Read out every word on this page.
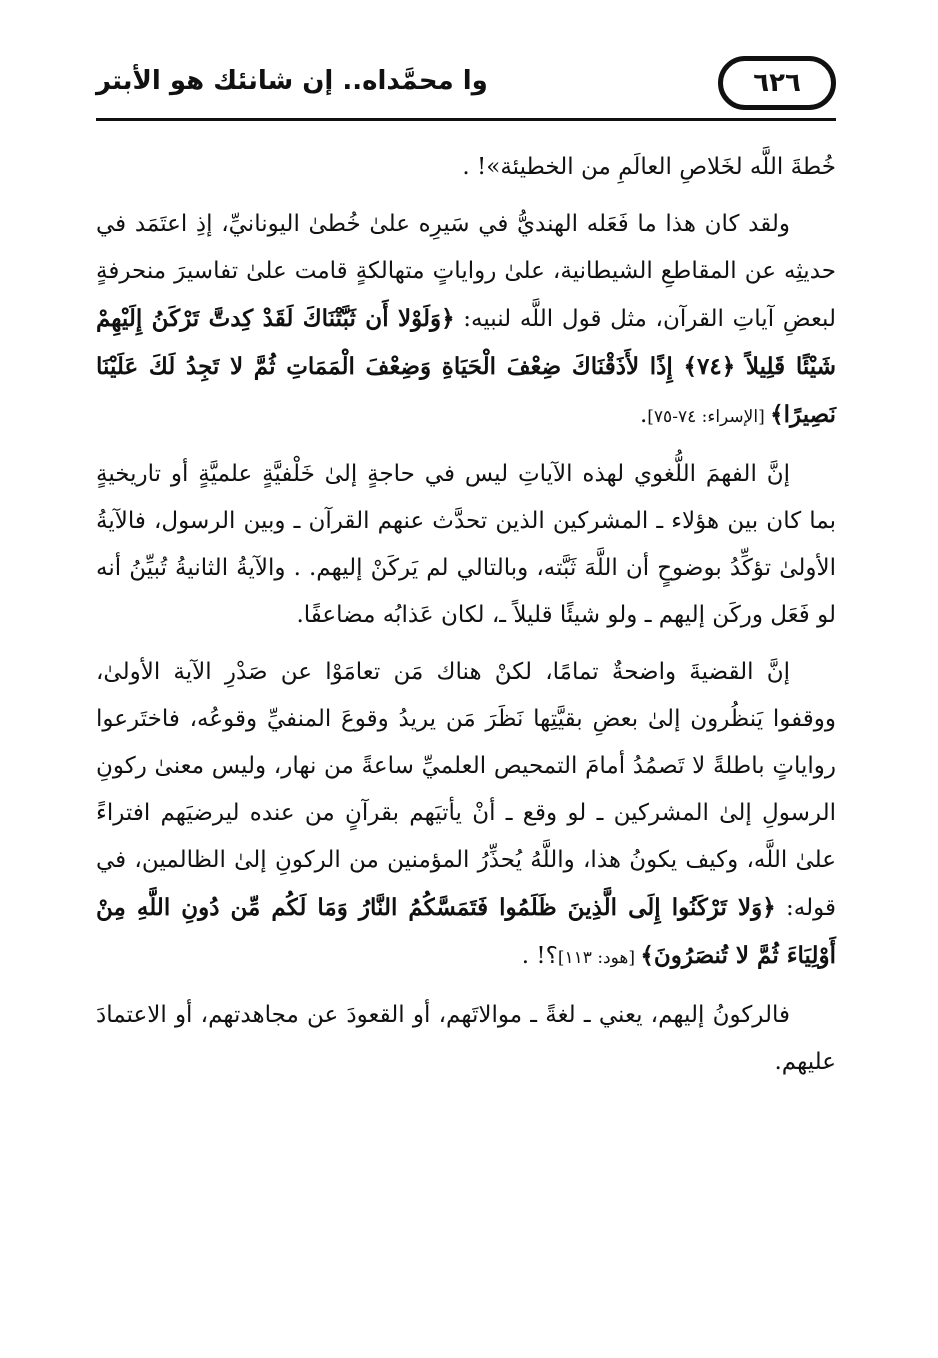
٦٢٦
وا محمَّداه.. إن شانئك هو الأبتر

خُطةَ اللَّه لخَلاصِ العالَمِ من الخطيئة»! .

ولقد كان هذا ما فَعَله الهنديُّ في سَيرِه علىٰ خُطىٰ اليونانيِّ، إذِ اعتَمَد في حديثِه عن المقاطعِ الشيطانية، علىٰ رواياتٍ متهالكةٍ قامت علىٰ تفاسيرَ منحرفةٍ لبعضِ آياتِ القرآن، مثل قول اللَّه لنبيه: ﴿وَلَوْلا أَن ثَبَّتْنَاكَ لَقَدْ كِدتَّ تَرْكَنُ إِلَيْهِمْ شَيْئًا قَلِيلاً ﴿٧٤﴾ إِذًا لأَذَقْنَاكَ ضِعْفَ الْحَيَاةِ وَضِعْفَ الْمَمَاتِ ثُمَّ لا تَجِدُ لَكَ عَلَيْنَا نَصِيرًا﴾ [الإسراء: ٧٤-٧٥].

إنَّ الفهمَ اللُّغوي لهذه الآياتِ ليس في حاجةٍ إلىٰ خَلْفيَّةٍ علميَّةٍ أو تاريخيةٍ بما كان بين هؤلاء ـ المشركين الذين تحدَّث عنهم القرآن ـ وبين الرسول، فالآيةُ الأولىٰ تؤكِّدُ بوضوحٍ أن اللَّهَ ثَبَّته، وبالتالي لم يَركَنْ إليهم. . والآيةُ الثانيةُ تُبيِّنُ أنه لو فَعَل وركَن إليهم ـ ولو شيئًا قليلاً ـ، لكان عَذابُه مضاعفًا.

إنَّ القضيةَ واضحةٌ تمامًا، لكنْ هناك مَن تعامَوْا عن صَدْرِ الآية الأولىٰ، ووقفوا يَنظُرون إلىٰ بعضِ بقيَّتِها نَظَرَ مَن يريدُ وقوعَ المنفيِّ وقوعُه، فاختَرعوا رواياتٍ باطلةً لا تَصمُدُ أمامَ التمحيص العلميِّ ساعةً من نهار، وليس معنىٰ ركونِ الرسولِ إلىٰ المشركين ـ لو وقع ـ أنْ يأتيَهم بقرآنٍ من عنده ليرضيَهم افتراءً علىٰ اللَّه، وكيف يكونُ هذا، واللَّهُ يُحذِّرُ المؤمنين من الركونِ إلىٰ الظالمين، في قوله: ﴿وَلا تَرْكَنُوا إِلَى الَّذِينَ ظَلَمُوا فَتَمَسَّكُمُ النَّارُ وَمَا لَكُم مِّن دُونِ اللَّهِ مِنْ أَوْلِيَاءَ ثُمَّ لا تُنصَرُونَ﴾ [هود: ١١٣]؟! .

فالركونُ إليهم، يعني ـ لغةً ـ موالاتَهم، أو القعودَ عن مجاهدتهم، أو الاعتمادَ عليهم.
